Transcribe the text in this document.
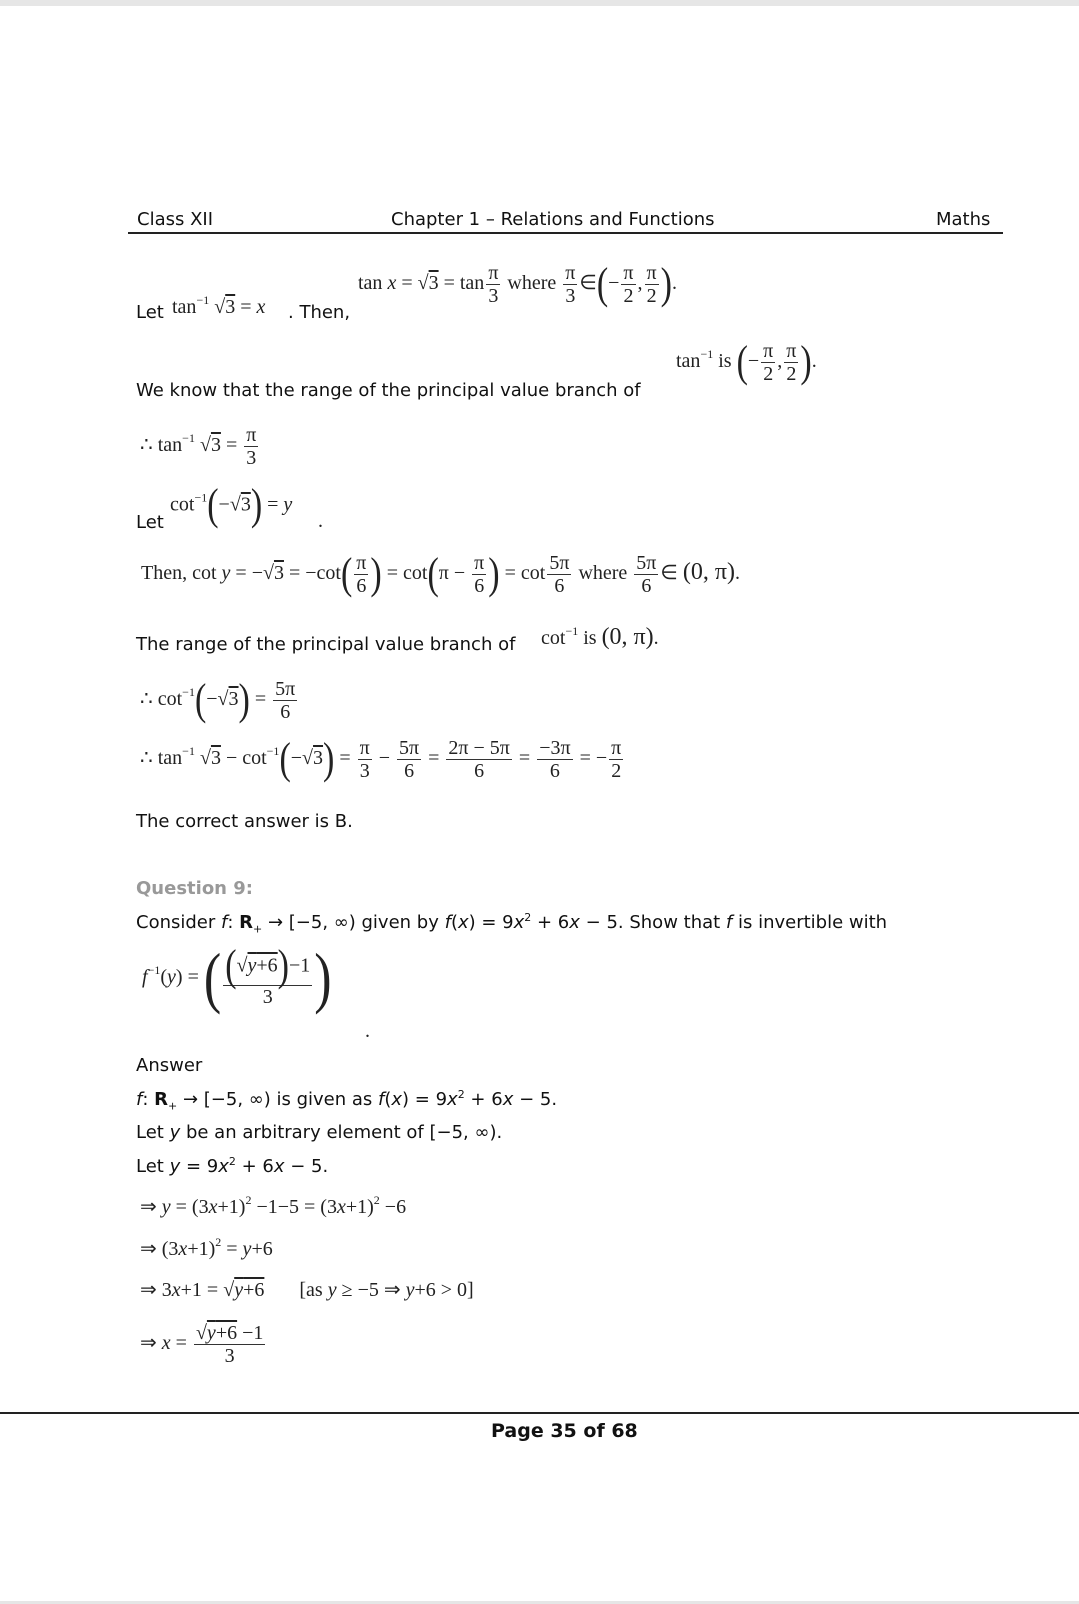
Class XII	Chapter 1 – Relations and Functions	Maths
Let $\tan^{-1} √3 = x$ . Then,
$\tan x = √3 = \tan \frac{\pi}{3}$ where $\frac{\pi}{3}$ ∈(− $\frac{\pi}{2}$ , $\frac{\pi}{2}$ ).
We know that the range of the principal value branch of
$\tan^{-1}$ is (− $\frac{\pi}{2}$ , $\frac{\pi}{2}$ ).
∴ $\tan^{-1} √3 = \frac{\pi}{3}$
Let
$\cot^{-1}(-√3) = y$
.
Then, $\cot y = -√3 = -\cot( \frac{\pi}{6}$ ) = $\cot(\pi - \frac{\pi}{6}$ ) = $\cot \frac{5\pi}{6}$ where $\frac{5\pi}{6}$ ∈ (0, π).
The range of the principal value branch of $\cot^{-1}$ is (0, π).
∴ $\cot^{-1}(-√3) = \frac{5\pi}{6}$
∴ $\tan^{-1} √3 - \cot^{-1}(-√3) = \frac{\pi}{3} - \frac{5\pi}{6} = \frac{2\pi - 5\pi}{6} = \frac{-3\pi}{6}$ = − $\frac{\pi}{2}$
The correct answer is B.
Question 9:
Consider f: $R_+ \to [-5$, ∞) given by $f(x) = 9x^2 + 6x - 5$. Show that f is invertible with
$f^{-1}(y)$ = ( $\frac{(√y+6)-1}{3}$ )
.
Answer
f: $R_+ \to [-5$, ∞) is given as $f(x) = 9x^2 + 6x - 5$.
Let y be an arbitrary element of [−5, ∞).
Let $y = 9x^2 + 6x - 5$.
⇒ $y = (3x+1)^2 -1-5 = (3x+1)^2 -6$
⇒ $(3x+1)^2 = y+6$
⇒ 3x+1 = √y+6       [as y ≥ −5 ⇒ y+6 > 0]
⇒ $x = \frac{√y+6 -1}{3}$
Page 35 of 68
